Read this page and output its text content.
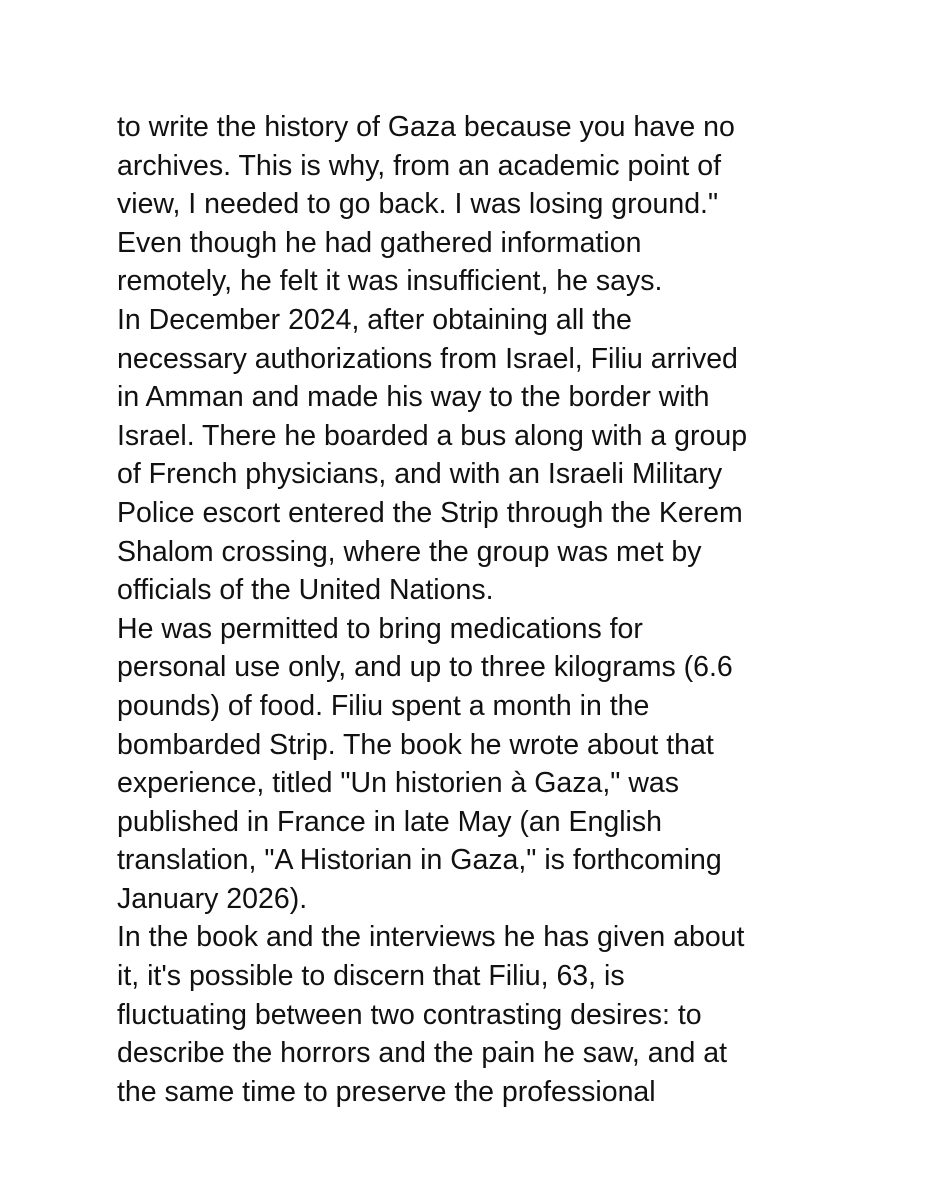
to write the history of Gaza because you have no
archives. This is why, from an academic point of
view, I needed to go back. I was losing ground."
Even though he had gathered information
remotely, he felt it was insufficient, he says.
In December 2024, after obtaining all the
necessary authorizations from Israel, Filiu arrived
in Amman and made his way to the border with
Israel. There he boarded a bus along with a group
of French physicians, and with an Israeli Military
Police escort entered the Strip through the Kerem
Shalom crossing, where the group was met by
officials of the United Nations.
He was permitted to bring medications for
personal use only, and up to three kilograms (6.6
pounds) of food. Filiu spent a month in the
bombarded Strip. The book he wrote about that
experience, titled "Un historien à Gaza," was
published in France in late May (an English
translation, "A Historian in Gaza," is forthcoming
January 2026).
In the book and the interviews he has given about
it, it's possible to discern that Filiu, 63, is
fluctuating between two contrasting desires: to
describe the horrors and the pain he saw, and at
the same time to preserve the professional
